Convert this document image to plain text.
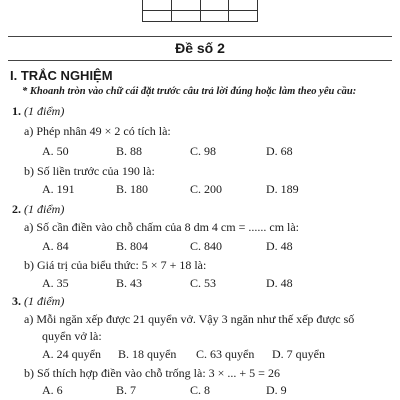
Đề số 2
I. TRẮC NGHIỆM
* Khoanh tròn vào chữ cái đặt trước câu trả lời đúng hoặc làm theo yêu cầu:
1. (1 điểm)
a) Phép nhân 49 × 2 có tích là:
A. 50	B. 88	C. 98	D. 68
b) Số liền trước của 190 là:
A. 191	B. 180	C. 200	D. 189
2. (1 điểm)
a) Số cần điền vào chỗ chấm của 8 dm 4 cm = ...... cm là:
A. 84	B. 804	C. 840	D. 48
b) Giá trị của biểu thức: 5 × 7 + 18 là:
A. 35	B. 43	C. 53	D. 48
3. (1 điểm)
a) Mỗi ngăn xếp được 21 quyển vở. Vậy 3 ngăn như thế xếp được số
quyển vở là:
A. 24 quyển B. 18 quyển C. 63 quyển D. 7 quyển
b) Số thích hợp điền vào chỗ trống là: 3 × ... + 5 = 26
A. 6	B. 7	C. 8	D. 9
